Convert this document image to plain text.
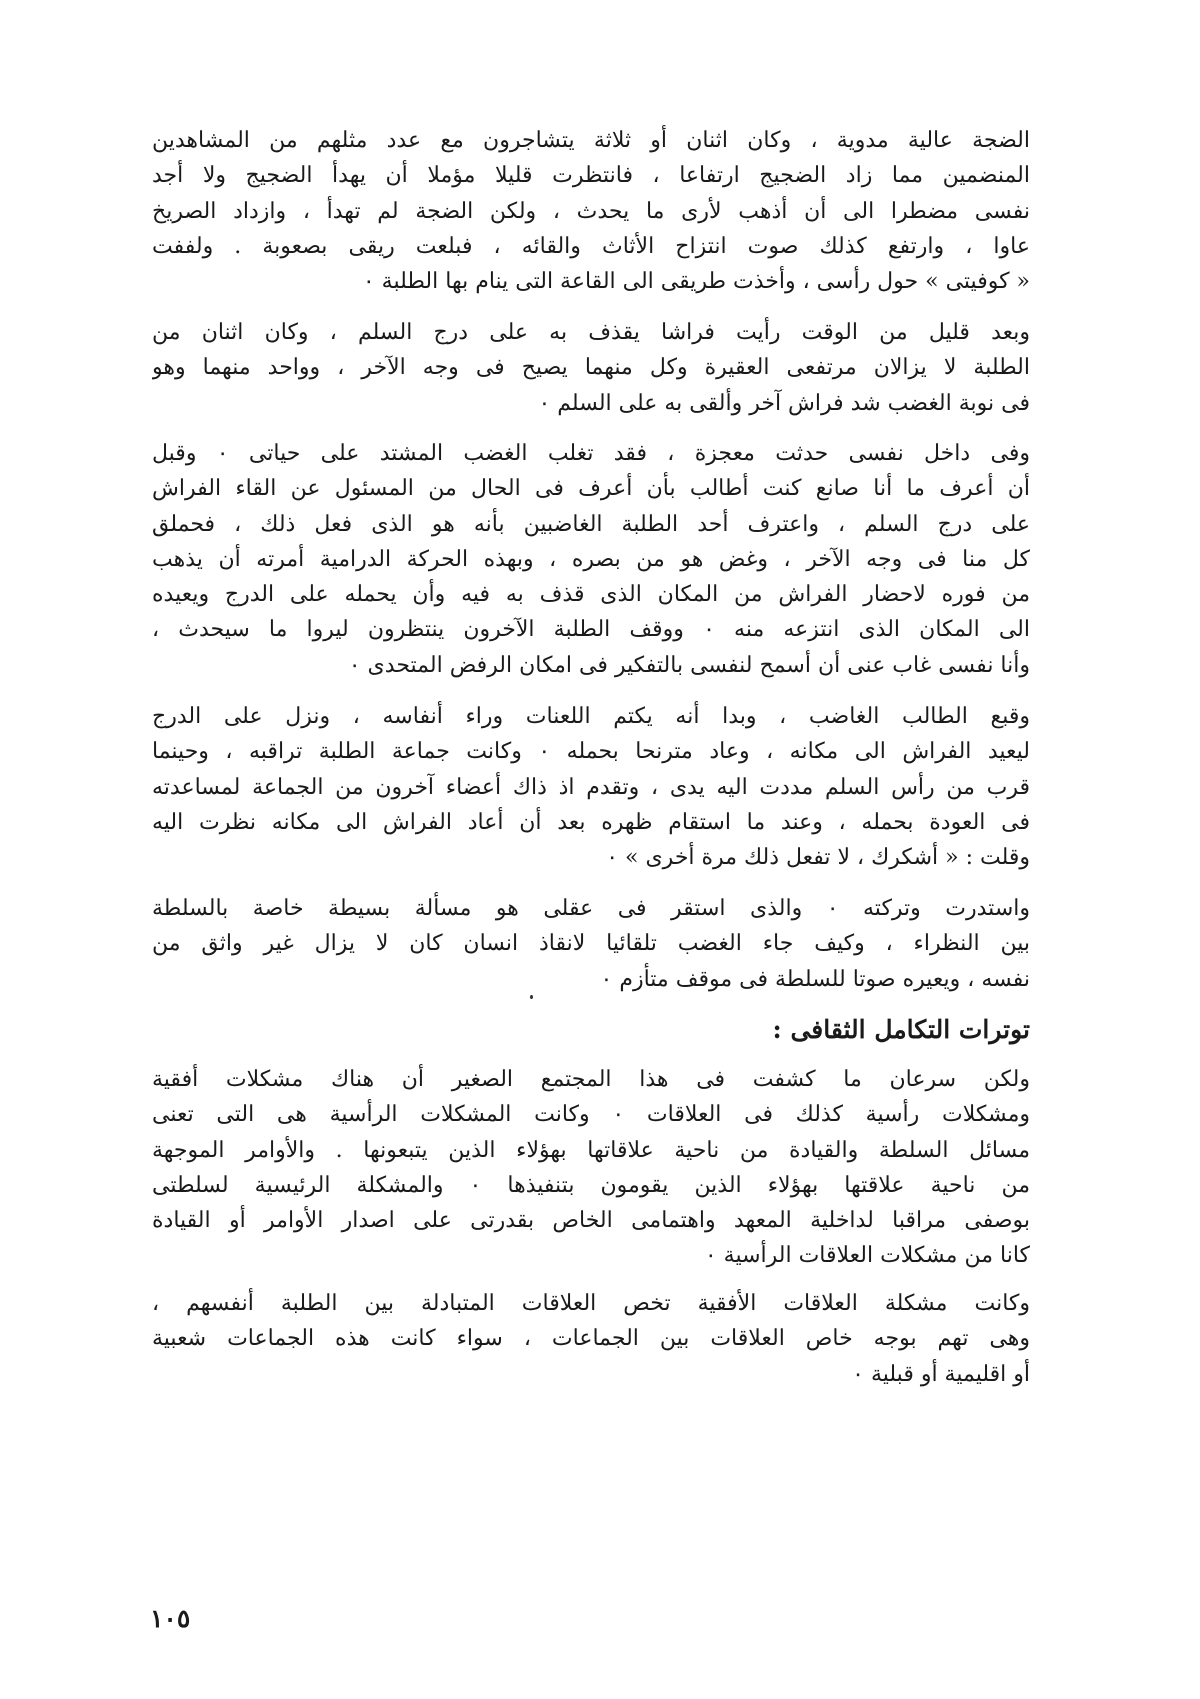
الضجة عالية مدوية ، وكان اثنان أو ثلاثة يتشاجرون مع عدد مثلهم من المشاهدين
المنضمين مما زاد الضجيج ارتفاعا ، فانتظرت قليلا مؤملا أن يهدأ الضجيج ولا أجد
نفسى مضطرا الى أن أذهب لأرى ما يحدث ، ولكن الضجة لم تهدأ ، وازداد الصريخ
عاوا ، وارتفع كذلك صوت انتزاح الأثاث والقائه ، فبلعت ريقى بصعوبة . ولففت
« كوفيتى » حول رأسى ، وأخذت طريقى الى القاعة التى ينام بها الطلبة ٠
وبعد قليل من الوقت رأيت فراشا يقذف به على درج السلم ، وكان اثنان من
الطلبة لا يزالان مرتفعى العقيرة وكل منهما يصيح فى وجه الآخر ، وواحد منهما وهو
فى نوبة الغضب شد فراش آخر وألقى به على السلم ٠
وفى داخل نفسى حدثت معجزة ، فقد تغلب الغضب المشتد على حياتى ٠ وقبل
أن أعرف ما أنا صانع كنت أطالب بأن أعرف فى الحال من المسئول عن القاء الفراش
على درج السلم ، واعترف أحد الطلبة الغاضبين بأنه هو الذى فعل ذلك ، فحملق
كل منا فى وجه الآخر ، وغض هو من بصره ، وبهذه الحركة الدرامية أمرته أن يذهب
من فوره لاحضار الفراش من المكان الذى قذف به فيه وأن يحمله على الدرج ويعيده
الى المكان الذى انتزعه منه ٠ ووقف الطلبة الآخرون ينتظرون ليروا ما سيحدث ،
وأنا نفسى غاب عنى أن أسمح لنفسى بالتفكير فى امكان الرفض المتحدى ٠
وقبع الطالب الغاضب ، وبدا أنه يكتم اللعنات وراء أنفاسه ، ونزل على الدرج
ليعيد الفراش الى مكانه ، وعاد مترنحا بحمله ٠ وكانت جماعة الطلبة تراقبه ، وحينما
قرب من رأس السلم مددت اليه يدى ، وتقدم اذ ذاك أعضاء آخرون من الجماعة لمساعدته
فى العودة بحمله ، وعند ما استقام ظهره بعد أن أعاد الفراش الى مكانه نظرت اليه
وقلت : « أشكرك ، لا تفعل ذلك مرة أخرى » ٠
واستدرت وتركته ٠ والذى استقر فى عقلى هو مسألة بسيطة خاصة بالسلطة
بين النظراء ، وكيف جاء الغضب تلقائيا لانقاذ انسان كان لا يزال غير واثق من
نفسه ، ويعيره صوتا للسلطة فى موقف متأزم ٠
توترات التكامل الثقافى :
ولكن سرعان ما كشفت فى هذا المجتمع الصغير أن هناك مشكلات أفقية
ومشكلات رأسية كذلك فى العلاقات ٠ وكانت المشكلات الرأسية هى التى تعنى
مسائل السلطة والقيادة من ناحية علاقاتها بهؤلاء الذين يتبعونها . والأوامر الموجهة
من ناحية علاقتها بهؤلاء الذين يقومون بتنفيذها ٠ والمشكلة الرئيسية لسلطتى
بوصفى مراقبا لداخلية المعهد واهتمامى الخاص بقدرتى على اصدار الأوامر أو القيادة
كانا من مشكلات العلاقات الرأسية ٠
وكانت مشكلة العلاقات الأفقية تخص العلاقات المتبادلة بين الطلبة أنفسهم ،
وهى تهم بوجه خاص العلاقات بين الجماعات ، سواء كانت هذه الجماعات شعبية
أو اقليمية أو قبلية ٠
١٠٥
